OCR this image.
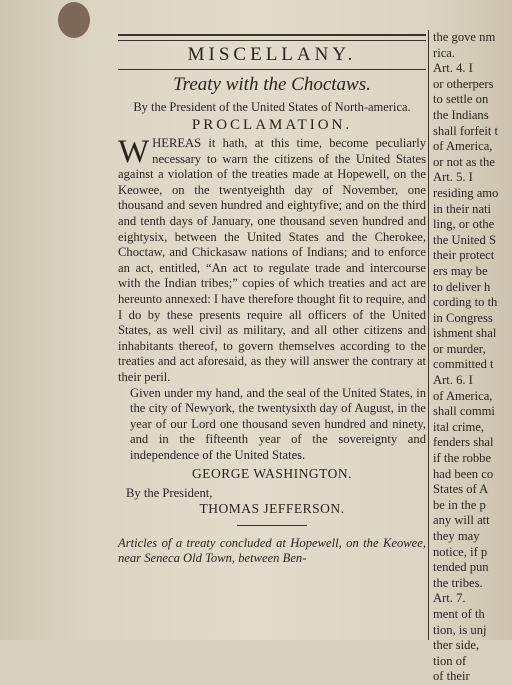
MISCELLANY.
Treaty with the Choctaws.

By the President of the United States of North-america.

PROCLAMATION.

WHEREAS it hath, at this time, become peculiarly necessary to warn the citizens of the United States against a violation of the treaties made at Hopewell, on the Keowee, on the twentyeighth day of November, one thousand and seven hundred and eightyfive; and on the third and tenth days of January, one thousand seven hundred and eightysix, between the United States and the Cherokee, Choctaw, and Chickasaw nations of Indians; and to enforce an act, entitled, “An act to regulate trade and intercourse with the Indian tribes;” copies of which treaties and act are hereunto annexed: I have therefore thought fit to require, and I do by these presents require all officers of the United States, as well civil as military, and all other citizens and inhabitants thereof, to govern themselves according to the treaties and act aforesaid, as they will answer the contrary at their peril.

Given under my hand, and the seal of the United States, in the city of Newyork, the twentysixth day of August, in the year of our Lord one thousand seven hundred and ninety, and in the fifteenth year of the sovereignty and independence of the United States.

GEORGE WASHINGTON.
By the President,
THOMAS JEFFERSON.

Articles of a treaty concluded at Hopewell, on the Keowee, near Seneca Old Town, between Ben-

the gove nm

rica.

Art. 4. I

or otherpers

to settle on

the Indians

shall forfeit t

of America,

or not as the

Art. 5. I

residing amo

in their nati

ling, or othe

the United S

their protect

ers may be

to deliver h

cording to th

in Congress

ishment shal

or murder,

committed t

Art. 6. I

of America,

shall commi

ital crime,

fenders shal

if the robbe

had been co

States of A

be in the p

any will att

they may

notice, if p

tended pun

the tribes.

Art. 7.

ment of th

tion, is unj

ther side,

tion of

of their
